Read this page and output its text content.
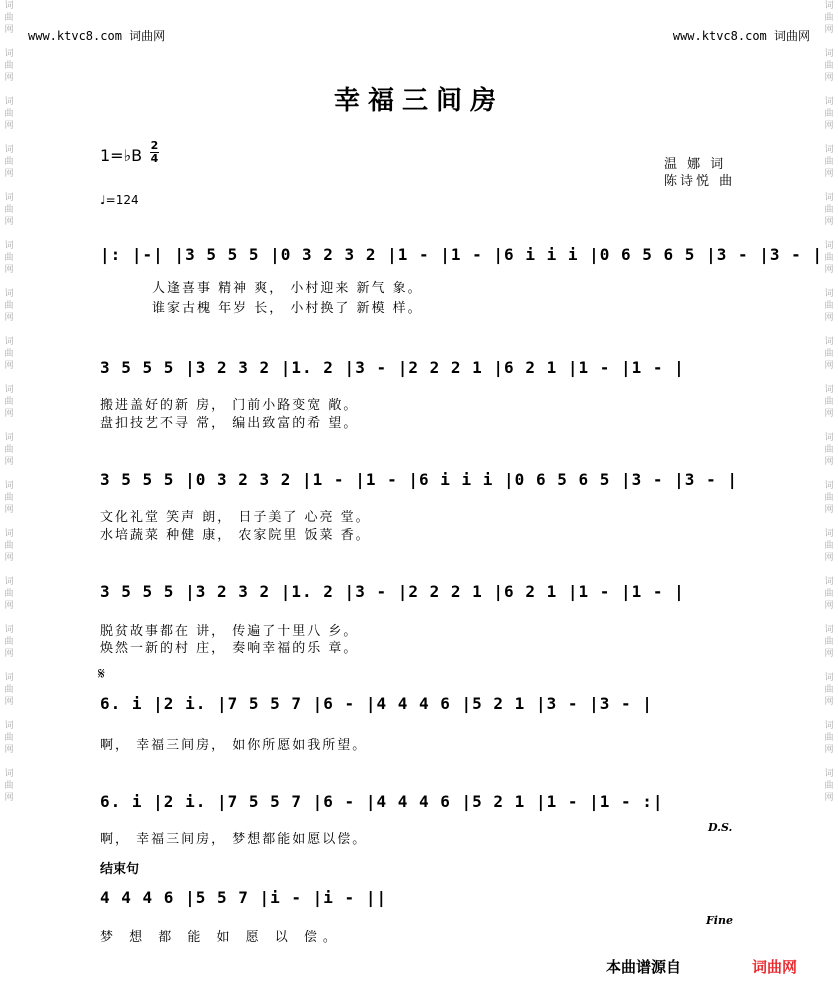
www.ktvc8.com 词曲网	www.ktvc8.com 词曲网
词
曲
网

词
曲
网

词
曲
网

词
曲
网

词
曲
网

词
曲
网

词
曲
网

词
曲
网

词
曲
网

词
曲
网

词
曲
网

词
曲
网

词
曲
网

词
曲
网

词
曲
网

词
曲
网

词
曲
网

词
曲
网

词
曲
网

词
曲
网

词
曲
网

词
曲
网

词
曲
网

词
曲
网

词
曲
网

词
曲
网

词
曲
网

词
曲
网

词
曲
网

词
曲
网

词
曲
网

词
曲
网

词
曲
网

词
曲
网

幸福三间房
1=♭B $\frac{2}{4}$
♩=124
温 娜 词
陈诗悦 曲
|: |-| |3 5 5 5 |0 3 2 3 2 |1 - |1 - |6 i i i |0 6 5 6 5 |3 - |3 - |
人逢喜事 精神 爽， 小村迎来 新气 象。
谁家古槐 年岁 长， 小村换了 新模 样。
3 5 5 5 |3 2 3 2 |1. 2 |3 - |2 2 2 1 |6 2 1 |1 - |1 - |
搬进盖好的新 房， 门前小路变宽 敞。
盘扣技艺不寻 常， 编出致富的希 望。
3 5 5 5 |0 3 2 3 2 |1 - |1 - |6 i i i |0 6 5 6 5 |3 - |3 - |
文化礼堂 笑声 朗， 日子美了 心亮 堂。
水培蔬菜 种健 康， 农家院里 饭菜 香。
3 5 5 5 |3 2 3 2 |1. 2 |3 - |2 2 2 1 |6 2 1 |1 - |1 - |
脱贫故事都在 讲， 传遍了十里八 乡。
焕然一新的村 庄， 奏响幸福的乐 章。
𝄋
6. i |2 i. |7 5 5 7 |6 - |4 4 4 6 |5 2 1 |3 - |3 - |
啊， 幸福三间房， 如你所愿如我所望。
6. i |2 i. |7 5 5 7 |6 - |4 4 4 6 |5 2 1 |1 - |1 - :|
啊， 幸福三间房， 梦想都能如愿以偿。
D.S.
结束句
4 4 4 6 |5 5 7 |i - |i - ||
梦 想 都 能 如 愿 以 偿。
Fine
本曲谱源自	词曲网
